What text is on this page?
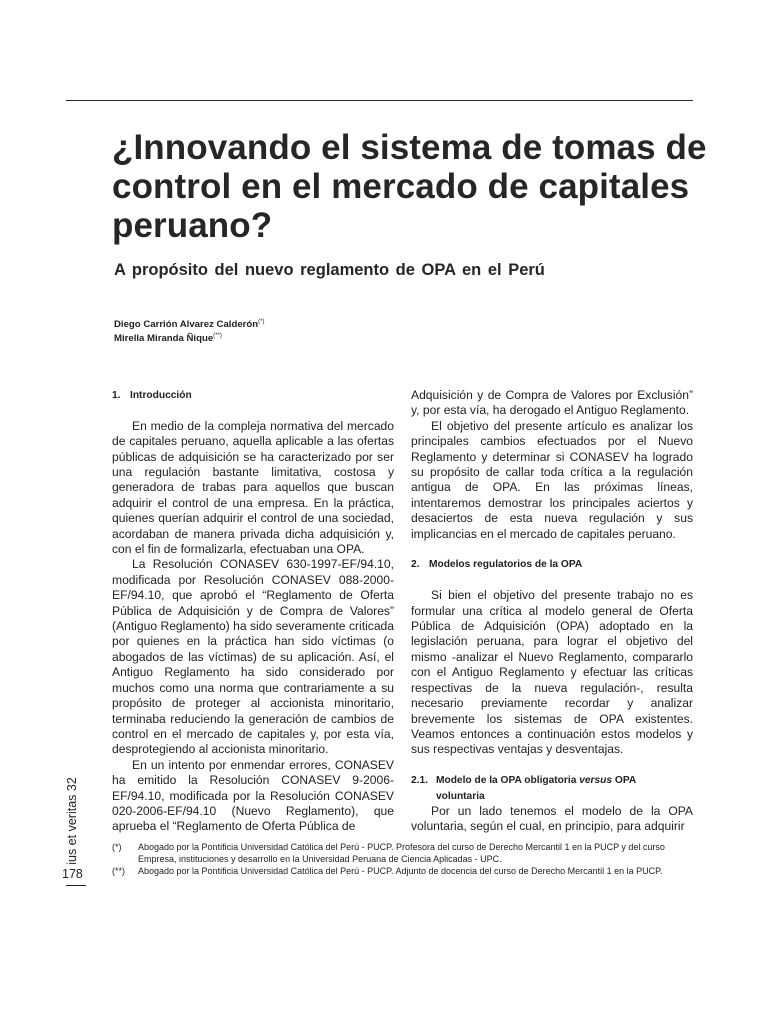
¿Innovando el sistema de tomas de control en el mercado de capitales peruano?
A propósito del nuevo reglamento de OPA en el Perú
Diego Carrión Alvarez Calderón(*)
Mirella Miranda Ñique(**)
1. Introducción

En medio de la compleja normativa del mercado de capitales peruano, aquella aplicable a las ofertas públicas de adquisición se ha caracterizado por ser una regulación bastante limitativa, costosa y generadora de trabas para aquellos que buscan adquirir el control de una empresa. En la práctica, quienes querían adquirir el control de una sociedad, acordaban de manera privada dicha adquisición y, con el fin de formalizarla, efectuaban una OPA.

La Resolución CONASEV 630-1997-EF/94.10, modificada por Resolución CONASEV 088-2000-EF/94.10, que aprobó el “Reglamento de Oferta Pública de Adquisición y de Compra de Valores” (Antiguo Reglamento) ha sido severamente criticada por quienes en la práctica han sido víctimas (o abogados de las víctimas) de su aplicación. Así, el Antiguo Reglamento ha sido considerado por muchos como una norma que contrariamente a su propósito de proteger al accionista minoritario, terminaba reduciendo la generación de cambios de control en el mercado de capitales y, por esta vía, desprotegiendo al accionista minoritario.

En un intento por enmendar errores, CONASEV ha emitido la Resolución CONASEV 9-2006-EF/94.10, modificada por la Resolución CONASEV 020-2006-EF/94.10 (Nuevo Reglamento), que aprueba el “Reglamento de Oferta Pública de

Adquisición y de Compra de Valores por Exclusión” y, por esta vía, ha derogado el Antiguo Reglamento.

El objetivo del presente artículo es analizar los principales cambios efectuados por el Nuevo Reglamento y determinar si CONASEV ha logrado su propósito de callar toda crítica a la regulación antigua de OPA. En las próximas líneas, intentaremos demostrar los principales aciertos y desaciertos de esta nueva regulación y sus implicancias en el mercado de capitales peruano.

2. Modelos regulatorios de la OPA

Si bien el objetivo del presente trabajo no es formular una crítica al modelo general de Oferta Pública de Adquisición (OPA) adoptado en la legislación peruana, para lograr el objetivo del mismo -analizar el Nuevo Reglamento, compararlo con el Antiguo Reglamento y efectuar las críticas respectivas de la nueva regulación-, resulta necesario previamente recordar y analizar brevemente los sistemas de OPA existentes. Veamos entonces a continuación estos modelos y sus respectivas ventajas y desventajas.

2.1. Modelo de la OPA obligatoria versus OPA
voluntaria

Por un lado tenemos el modelo de la OPA voluntaria, según el cual, en principio, para adquirir

(*)	Abogado por la Pontificia Universidad Católica del Perú - PUCP. Profesora del curso de Derecho Mercantil 1 en la PUCP y del curso Empresa, instituciones y desarrollo en la Universidad Peruana de Ciencia Aplicadas - UPC.
(**)	Abogado por la Pontificia Universidad Católica del Perú - PUCP. Adjunto de docencia del curso de Derecho Mercantil 1 en la PUCP.
ius et veritas 32
178
